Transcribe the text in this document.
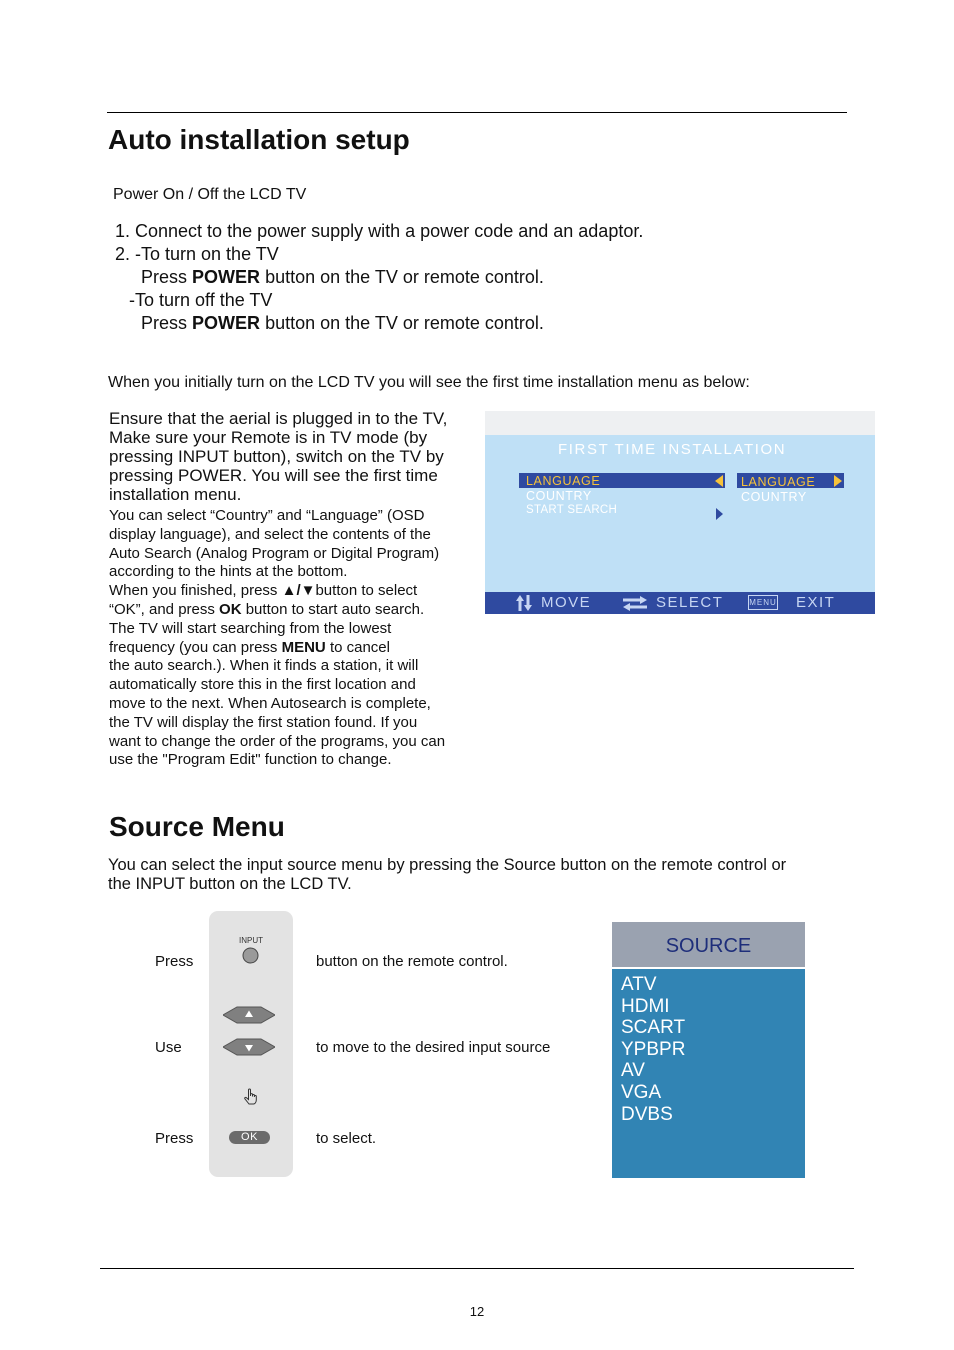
Auto installation setup
Power On / Off the LCD TV
1. Connect to the power supply with a power code and an adaptor.
2. -To turn on the TV
Press POWER button on the TV or remote control.
-To turn off the TV
Press POWER button on the TV or remote control.
When you initially turn on the LCD TV you will see the first time installation menu as below:
Ensure that the aerial is plugged in to the TV,
Make sure your Remote is in TV mode (by
pressing INPUT button), switch on the TV by
pressing POWER. You will see the first time
installation menu.
You can select “Country” and “Language” (OSD
display language), and select the contents of the
Auto Search (Analog Program or Digital Program)
according to the hints at the bottom.
When you finished, press ▲/▼button to select
“OK”, and press OK button to start auto search.
The TV will start searching from the lowest
frequency (you can press MENU to cancel
the auto search.). When it finds a station, it will
automatically store this in the first location and
move to the next. When Autosearch is complete,
the TV will display the first station found. If you
want to change the order of the programs, you can
use the "Program Edit" function to change.
FIRST TIME INSTALLATION
LANGUAGE
COUNTRY
START SEARCH
LANGUAGE
COUNTRY
MOVE	SELECT	MENU EXIT
Source Menu
You can select the input source menu by pressing the Source button on the remote control or
the INPUT button on the LCD TV.
Press	button on the remote control.
Use	to move to the desired input source
Press	to select.
INPUT
OK
SOURCE
ATV
HDMI
SCART
YPBPR
AV
VGA
DVBS
12
